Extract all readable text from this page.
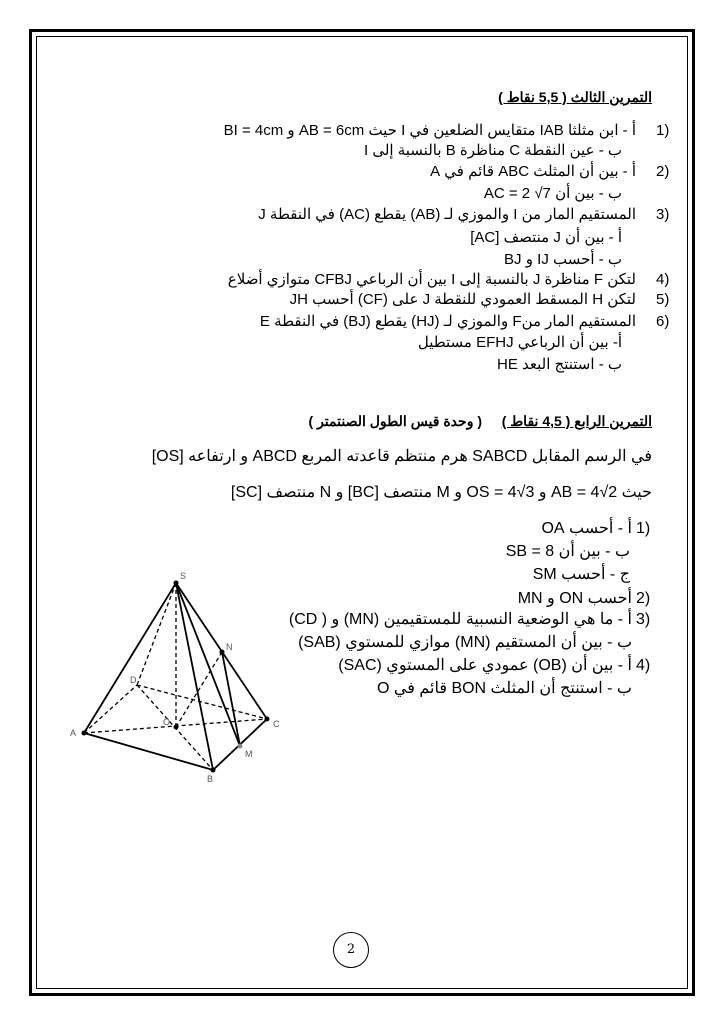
التمرين الثالث ( 5,5 نقاط )
1)
أ - ابن مثلثا IAB متقايس الضلعين في I حيث AB = 6cm و BI = 4cm
ب - عين النقطة C مناظرة B بالنسبة إلى I
2)
أ - بين أن المثلث ABC قائم في A
ب - بين أن AC = 2 √7
3)
المستقيم المار من I والموزي لـ (AB) يقطع (AC) في النقطة J
أ - بين أن J منتصف [AC]
ب - أحسب IJ و BJ
4)
لتكن F مناظرة J بالنسبة إلى I بين أن الرباعي CFBJ متوازي أضلاع
5)
لتكن H المسقط العمودي للنقطة J على (CF) أحسب JH
6)
المستقيم المار منF والموزي لـ (HJ) يقطع (BJ) في النقطة E
أ- بين أن الرباعي EFHJ مستطيل
ب - استنتج البعد HE
التمرين الرابع ( 4,5 نقاط )
( وحدة قيس الطول الصنتمتر )
في الرسم المقابل SABCD هرم منتظم قاعدته المربع ABCD و ارتفاعه [OS]
حيث AB = 4√2 و OS = 4√3 و M منتصف [BC] و N منتصف [SC]
1)
أ - أحسب OA
ب - بين أن SB = 8
ج - أحسب SM
2)
أحسب ON و MN
3)
أ - ما هي الوضعية النسبية للمستقيمين (MN) و ( CD)
ب - بين أن المستقيم (MN) موازي للمستوي (SAB)
4)
أ - بين أن (OB) عمودي على المستوي (SAC)
ب - استنتج أن المثلث BON قائم في O
S
A
B
C
D
O
N
M
2
